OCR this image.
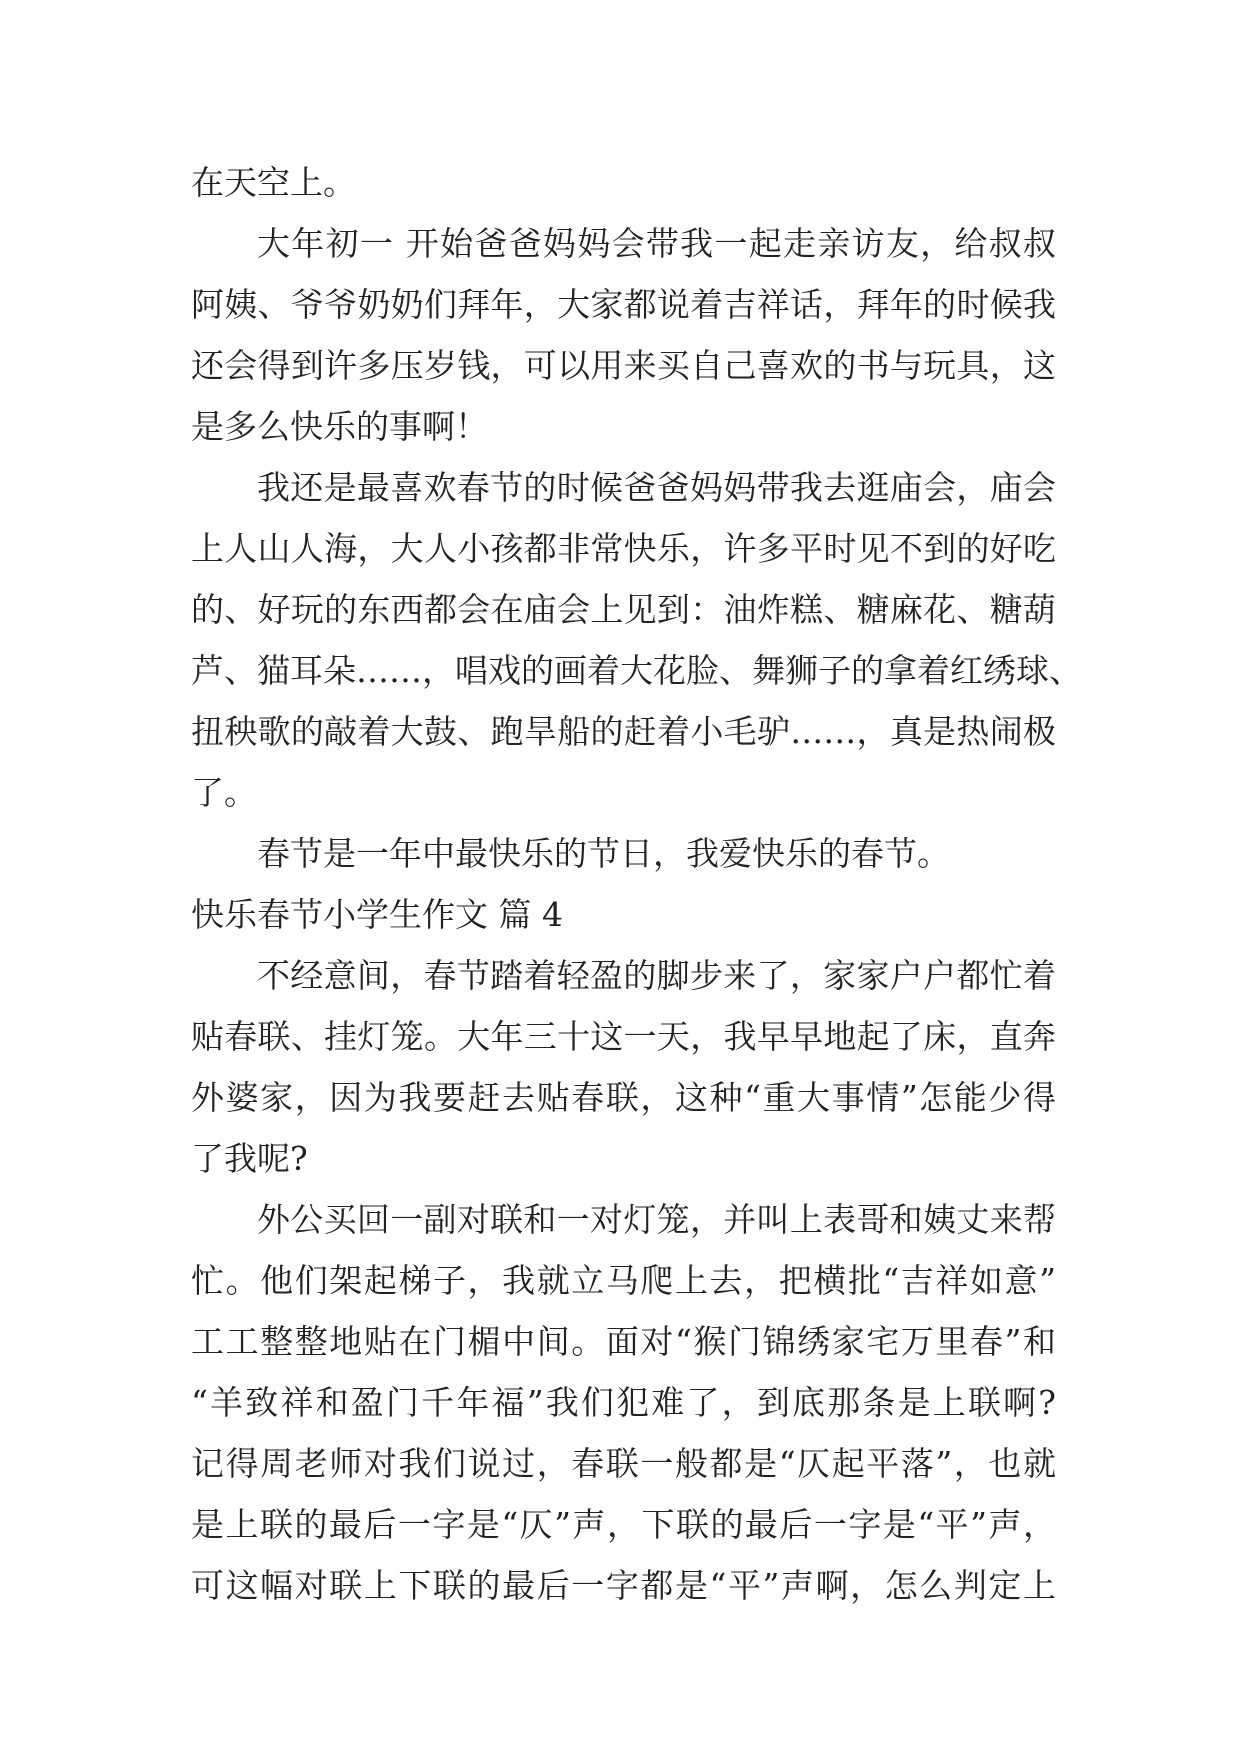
在天空上。
大年初一 开始爸爸妈妈会带我一起走亲访友，给叔叔
阿姨、爷爷奶奶们拜年，大家都说着吉祥话，拜年的时候我
还会得到许多压岁钱，可以用来买自己喜欢的书与玩具，这
是多么快乐的事啊！
我还是最喜欢春节的时候爸爸妈妈带我去逛庙会，庙会
上人山人海，大人小孩都非常快乐，许多平时见不到的好吃
的、好玩的东西都会在庙会上见到：油炸糕、糖麻花、糖葫
芦、猫耳朵……，唱戏的画着大花脸、舞狮子的拿着红绣球、
扭秧歌的敲着大鼓、跑旱船的赶着小毛驴……，真是热闹极
了。
春节是一年中最快乐的节日，我爱快乐的春节。
快乐春节小学生作文 篇 4
不经意间，春节踏着轻盈的脚步来了，家家户户都忙着
贴春联、挂灯笼。大年三十这一天，我早早地起了床，直奔
外婆家，因为我要赶去贴春联，这种“重大事情”怎能少得
了我呢?
外公买回一副对联和一对灯笼，并叫上表哥和姨丈来帮
忙。他们架起梯子，我就立马爬上去，把横批“吉祥如意”
工工整整地贴在门楣中间。面对“猴门锦绣家宅万里春”和
“羊致祥和盈门千年福”我们犯难了，到底那条是上联啊?
记得周老师对我们说过，春联一般都是“仄起平落”，也就
是上联的最后一字是“仄”声，下联的最后一字是“平”声，
可这幅对联上下联的最后一字都是“平”声啊，怎么判定上
